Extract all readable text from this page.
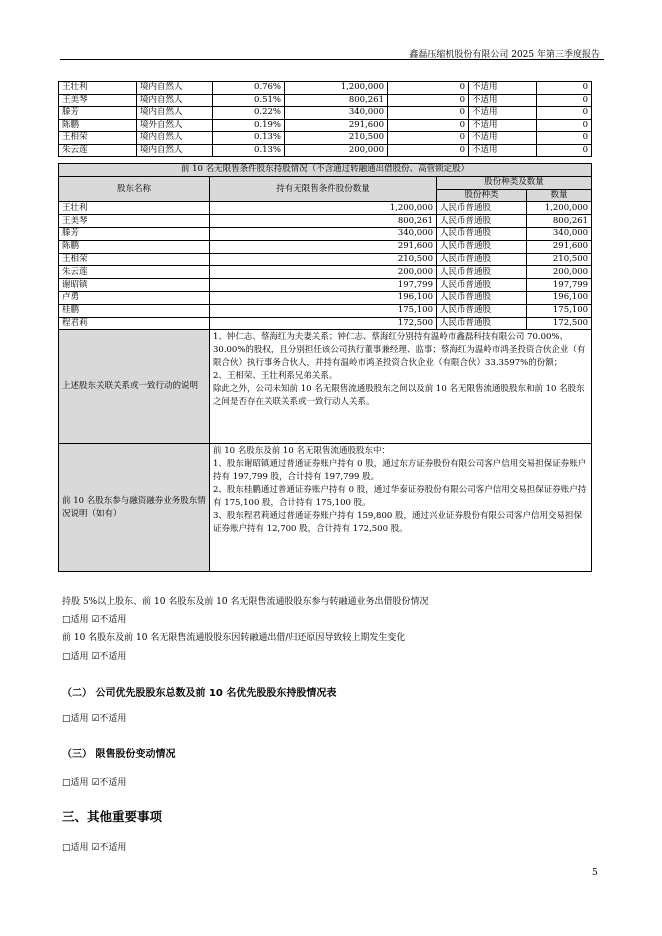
鑫磊压缩机股份有限公司 2025 年第三季度报告
王壮利	境内自然人	0.76%	1,200,000	0	不适用	0
王美琴	境内自然人	0.51%	800,261	0	不适用	0
滕芳	境内自然人	0.22%	340,000	0	不适用	0
陈鹏	境外自然人	0.19%	291,600	0	不适用	0
王相荣	境内自然人	0.13%	210,500	0	不适用	0
朱云莲	境内自然人	0.13%	200,000	0	不适用	0
前 10 名无限售条件股东持股情况（不含通过转融通出借股份、高管锁定股）			
股东名称	持有无限售条件股份数量	股份种类及数量	
		股份种类	数量
王壮利	1,200,000	人民币普通股	1,200,000
王美琴	800,261	人民币普通股	800,261
滕芳	340,000	人民币普通股	340,000
陈鹏	291,600	人民币普通股	291,600
王相荣	210,500	人民币普通股	210,500
朱云莲	200,000	人民币普通股	200,000
谢昭镇	197,799	人民币普通股	197,799
卢勇	196,100	人民币普通股	196,100
桂鹏	175,100	人民币普通股	175,100
程君莉	172,500	人民币普通股	172,500
上述股东关联关系或一致行动的说明	1、钟仁志、蔡海红为夫妻关系；钟仁志、蔡海红分别持有温岭市鑫磊科技有限公司 70.00%、30.00%的股权，且分别担任该公司执行董事兼经理、监事；蔡海红为温岭市鸿圣投资合伙企业（有限合伙）执行事务合伙人，并持有温岭市鸿圣投资合伙企业（有限合伙）33.3597%的份额；
2、王相荣、王壮利系兄弟关系。
除此之外，公司未知前 10 名无限售流通股股东之间以及前 10 名无限售流通股股东和前 10 名股东之间是否存在关联关系或一致行动人关系。		
前 10 名股东参与融资融券业务股东情况说明（如有）	前 10 名股东及前 10 名无限售流通股股东中：
1、股东谢昭镇通过普通证券账户持有 0 股，通过东方证券股份有限公司客户信用交易担保证券账户持有 197,799 股，合计持有 197,799 股。
2、股东桂鹏通过普通证券账户持有 0 股，通过华泰证券股份有限公司客户信用交易担保证券账户持有 175,100 股，合计持有 175,100 股。
3、股东程君莉通过普通证券账户持有 159,800 股，通过兴业证券股份有限公司客户信用交易担保证券账户持有 12,700 股，合计持有 172,500 股。		
持股 5%以上股东、前 10 名股东及前 10 名无限售流通股股东参与转融通业务出借股份情况
□适用 ☑不适用
前 10 名股东及前 10 名无限售流通股股东因转融通出借/归还原因导致较上期发生变化
□适用 ☑不适用
（二） 公司优先股股东总数及前 10 名优先股股东持股情况表
□适用 ☑不适用
（三） 限售股份变动情况
□适用 ☑不适用
三、其他重要事项
□适用 ☑不适用
5
